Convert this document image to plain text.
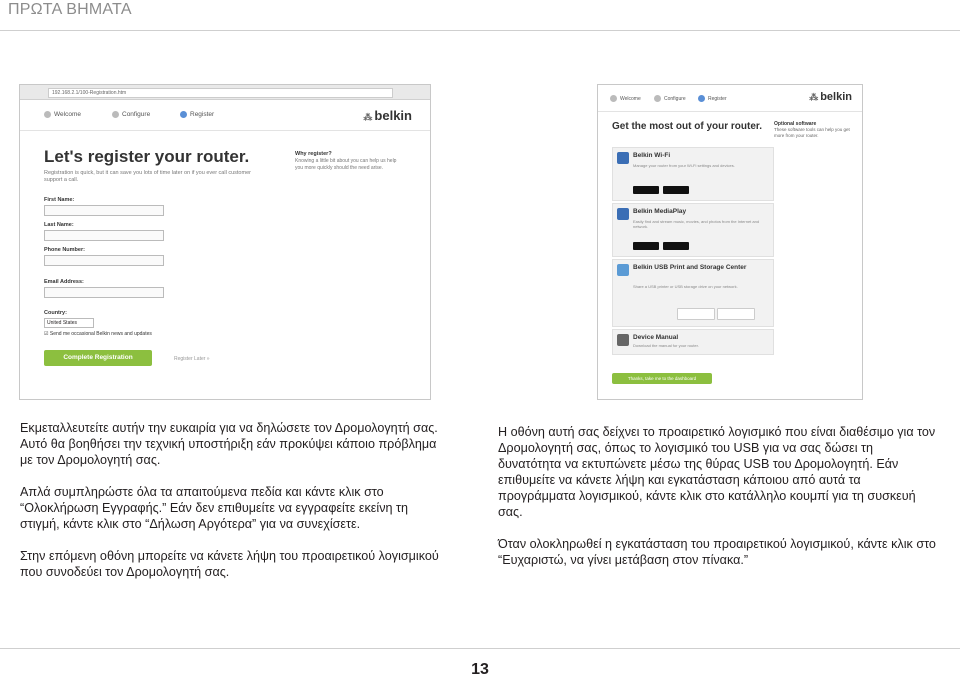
ΠΡΩΤΑ ΒΗΜΑΤΑ
192.168.2.1/100-Registration.htm
Welcome	Configure	Register	⁂ belkin
Let's register your router.
Registration is quick, but it can save you lots of time later on if you ever call customer support a call.
Why register?
Knowing a little bit about you can help us help you more quickly should the need arise.
First Name:
Last Name:
Phone Number:
Email Address:
Country:
United States
☑ Send me occasional Belkin news and updates
Complete Registration	Register Later »
Welcome	Configure	Register	⁂ belkin
Get the most out of your router. Optional software
These software tools can help you get more from your router.
Belkin Wi-Fi
Manage your router from your Wi-Fi settings and devices.
Belkin MediaPlay
Easily find and stream music, movies, and photos from the Internet and network.
Belkin USB Print and Storage Center
Share a USB printer or USB storage drive on your network.
Device Manual
Download the manual for your router.
Thanks, take me to the dashboard

Εκμεταλλευτείτε αυτήν την ευκαιρία για να δηλώσετε τον Δρομολογητή σας. Αυτό θα βοηθήσει την τεχνική υποστήριξη εάν προκύψει κάποιο πρόβλημα με τον Δρομολογητή σας.

Απλά συμπληρώστε όλα τα απαιτούμενα πεδία και κάντε κλικ στο “Ολοκλήρωση Εγγραφής.” Εάν δεν επιθυμείτε να εγγραφείτε εκείνη τη στιγμή, κάντε κλικ στο “Δήλωση Αργότερα” για να συνεχίσετε.

Στην επόμενη οθόνη μπορείτε να κάνετε λήψη του προαιρετικού λογισμικού που συνοδεύει τον Δρομολογητή σας.

Η οθόνη αυτή σας δείχνει το προαιρετικό λογισμικό που είναι διαθέσιμο για τον Δρομολογητή σας, όπως το λογισμικό του USB για να σας δώσει τη δυνατότητα να εκτυπώνετε μέσω της θύρας USB του Δρομολογητή. Εάν επιθυμείτε να κάνετε λήψη και εγκατάσταση κάποιου από αυτά τα προγράμματα λογισμικού, κάντε κλικ στο κατάλληλο κουμπί για τη συσκευή σας.

Όταν ολοκληρωθεί η εγκατάσταση του προαιρετικού λογισμικού, κάντε κλικ στο “Ευχαριστώ, να γίνει μετάβαση στον πίνακα.”

13
